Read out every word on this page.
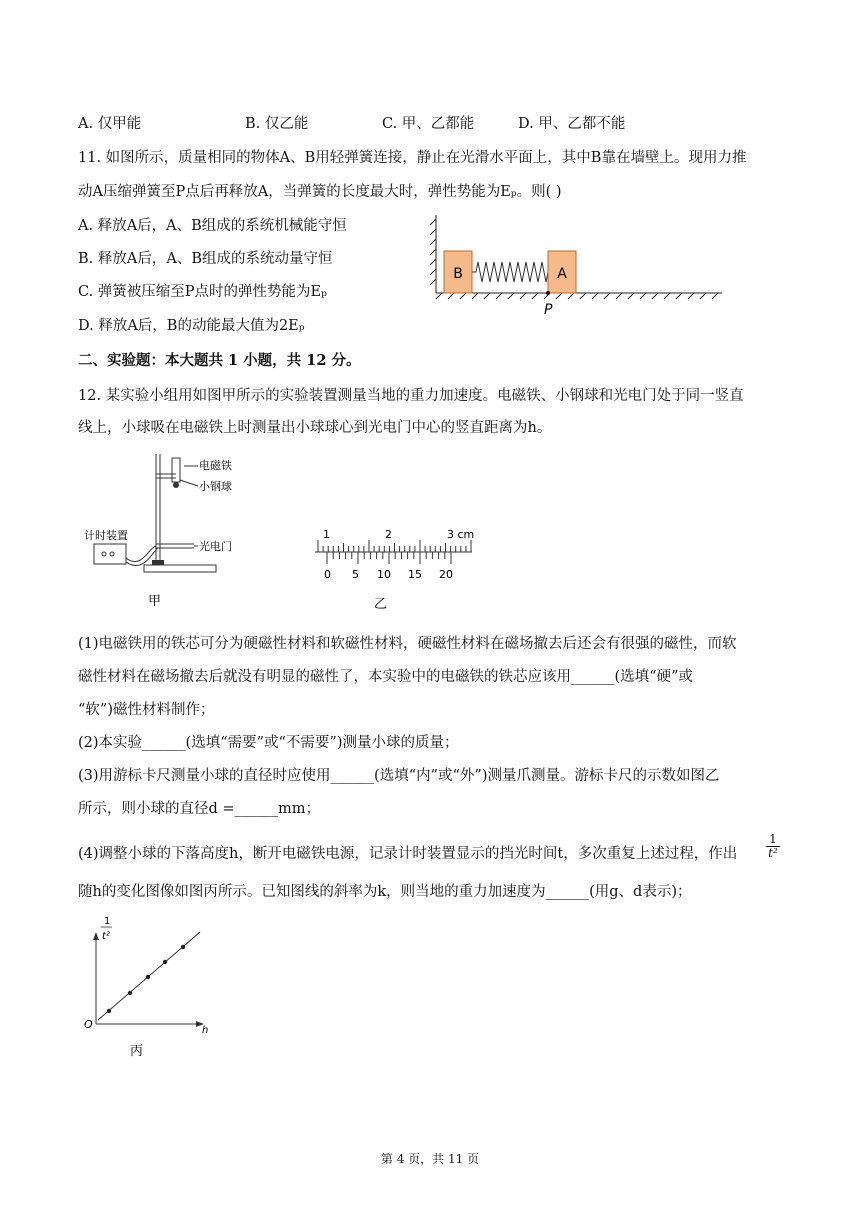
A. 仅甲能	B. 仅乙能	C. 甲、乙都能	D. 甲、乙都不能
11. 如图所示，质量相同的物体A、B用轻弹簧连接，静止在光滑水平面上，其中B靠在墙壁上。现用力推
动A压缩弹簧至P点后再释放A，当弹簧的长度最大时，弹性势能为Eₚ。则( )
A. 释放A后，A、B组成的系统机械能守恒
B. 释放A后，A、B组成的系统动量守恒
C. 弹簧被压缩至P点时的弹性势能为Eₚ
D. 释放A后，B的动能最大值为2Eₚ
B	A
P
二、实验题：本大题共 1 小题，共 12 分。
12. 某实验小组用如图甲所示的实验装置测量当地的重力加速度。电磁铁、小钢球和光电门处于同一竖直
线上，小球吸在电磁铁上时测量出小球球心到光电门中心的竖直距离为h。
电磁铁
小钢球
计时装置
光电门
甲
1	2	3 cm
0 5 10 15 20
乙
(1)电磁铁用的铁芯可分为硬磁性材料和软磁性材料，硬磁性材料在磁场撤去后还会有很强的磁性，而软
磁性材料在磁场撤去后就没有明显的磁性了，本实验中的电磁铁的铁芯应该用______(选填“硬”或
“软”)磁性材料制作；
(2)本实验______(选填“需要”或“不需要”)测量小球的质量；
(3)用游标卡尺测量小球的直径时应使用______(选填“内”或“外”)测量爪测量。游标卡尺的示数如图乙
所示，则小球的直径d =______mm；
(4)调整小球的下落高度h，断开电磁铁电源，记录计时装置显示的挡光时间t，多次重复上述过程，作出 $\frac{1}{\text{t²}}$
随h的变化图像如图丙所示。已知图线的斜率为k，则当地的重力加速度为______(用g、d表示)；
1
t²
O	h
丙
第 4 页，共 11 页
